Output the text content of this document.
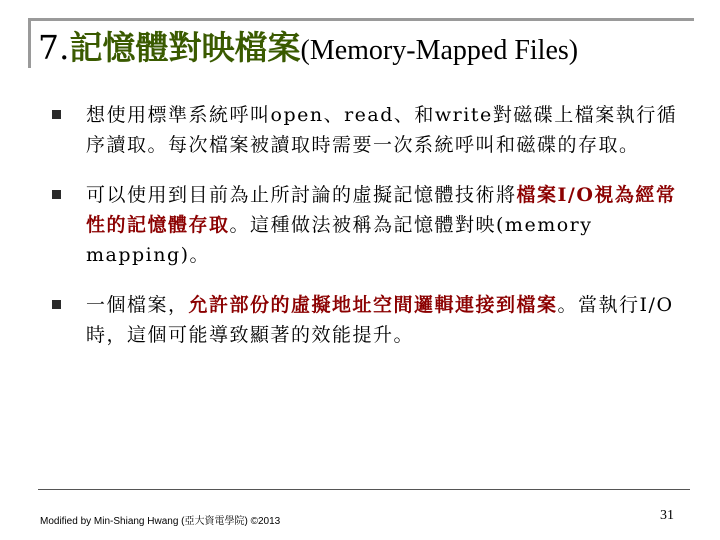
7.記憶體對映檔案(Memory-Mapped Files)
想使用標準系統呼叫open、read、和write對磁碟上檔案執行循序讀取。每次檔案被讀取時需要一次系統呼叫和磁碟的存取。
可以使用到目前為止所討論的虛擬記憶體技術將檔案I/O視為經常性的記憶體存取。這種做法被稱為記憶體對映(memory mapping)。
一個檔案，允許部份的虛擬地址空間邏輯連接到檔案。當執行I/O時，這個可能導致顯著的效能提升。
Modified by Min-Shiang Hwang (亞大資電學院) ©2013	31
